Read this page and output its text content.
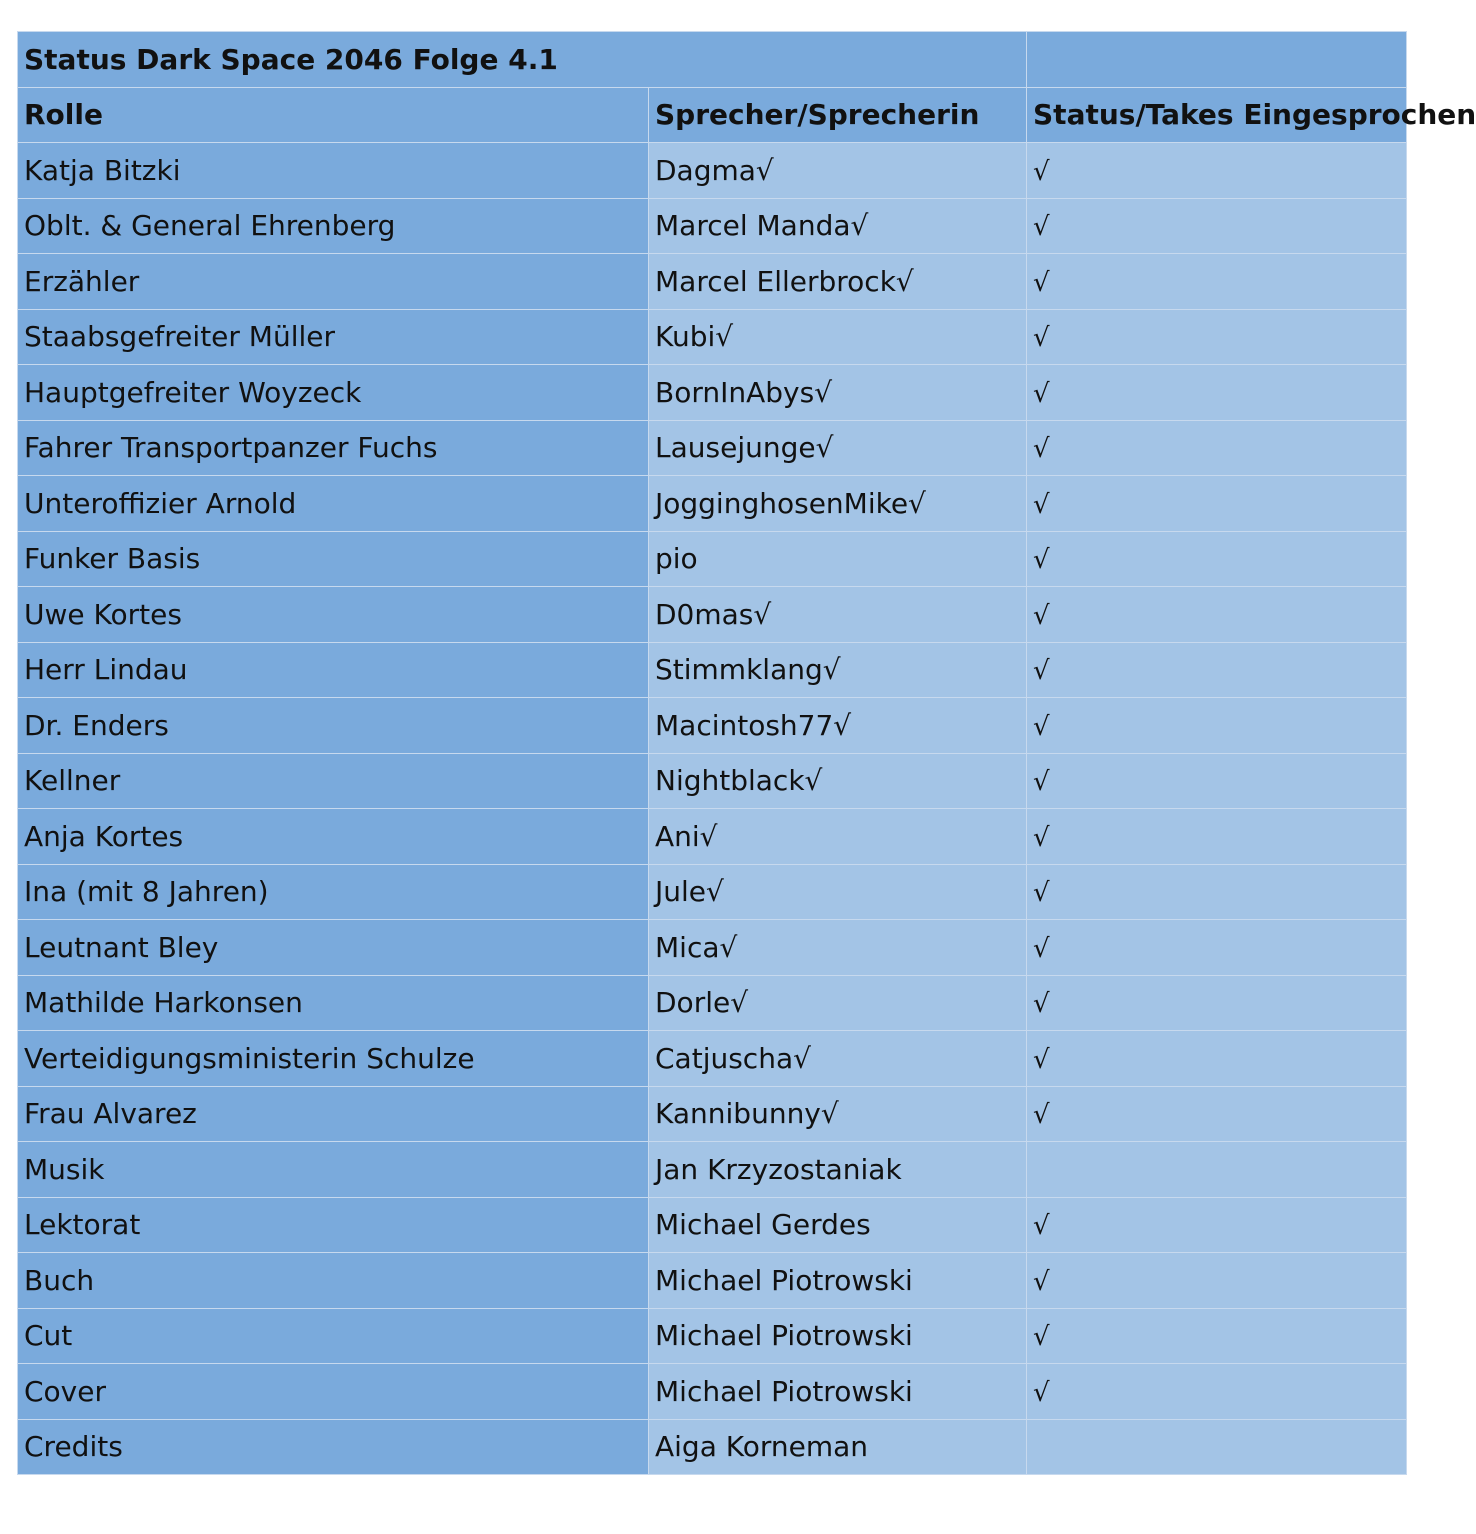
Status Dark Space 2046 Folge 4.1		
Rolle	Sprecher/Sprecherin	Status/Takes Eingesprochen
Katja Bitzki	Dagma√	√
Oblt. & General Ehrenberg	Marcel Manda√	√
Erzähler	Marcel Ellerbrock√	√
Staabsgefreiter Müller	Kubi√	√
Hauptgefreiter Woyzeck	BornInAbys√	√
Fahrer Transportpanzer Fuchs	Lausejunge√	√
Unteroffizier Arnold	JogginghosenMike√	√
Funker Basis	pio	√
Uwe Kortes	D0mas√	√
Herr Lindau	Stimmklang√	√
Dr. Enders	Macintosh77√	√
Kellner	Nightblack√	√
Anja Kortes	Ani√	√
Ina (mit 8 Jahren)	Jule√	√
Leutnant Bley	Mica√	√
Mathilde Harkonsen	Dorle√	√
Verteidigungsministerin Schulze	Catjuscha√	√
Frau Alvarez	Kannibunny√	√
Musik	Jan Krzyzostaniak	
Lektorat	Michael Gerdes	√
Buch	Michael Piotrowski	√
Cut	Michael Piotrowski	√
Cover	Michael Piotrowski	√
Credits	Aiga Korneman	
